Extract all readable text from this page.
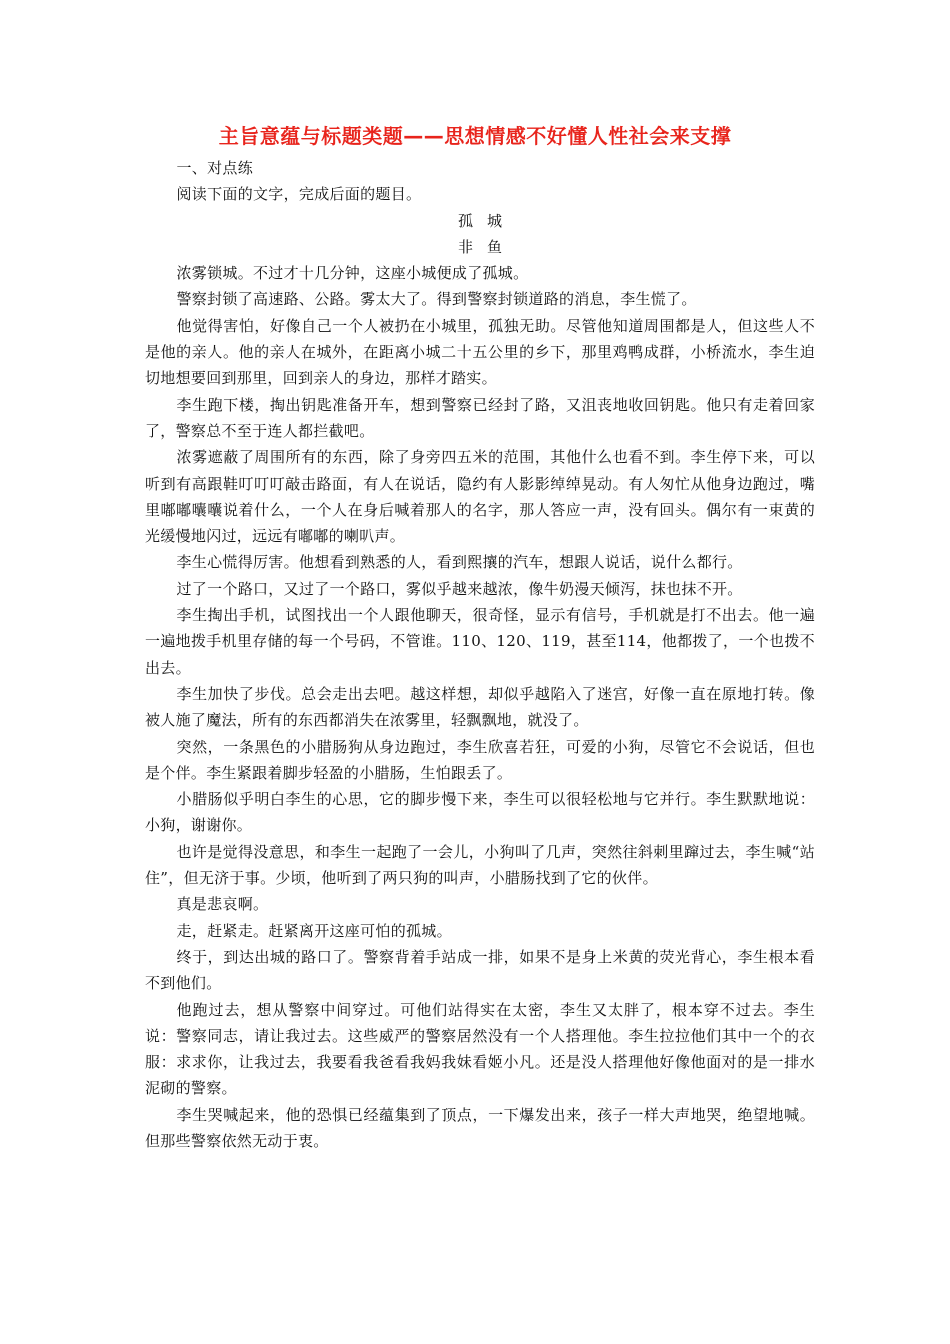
主旨意蕴与标题类题——思想情感不好懂人性社会来支撑

一、对点练

阅读下面的文字，完成后面的题目。

孤城

非鱼

浓雾锁城。不过才十几分钟，这座小城便成了孤城。

警察封锁了高速路、公路。雾太大了。得到警察封锁道路的消息，李生慌了。

他觉得害怕，好像自己一个人被扔在小城里，孤独无助。尽管他知道周围都是人，但这些人不是他的亲人。他的亲人在城外，在距离小城二十五公里的乡下，那里鸡鸭成群，小桥流水，李生迫切地想要回到那里，回到亲人的身边，那样才踏实。

李生跑下楼，掏出钥匙准备开车，想到警察已经封了路，又沮丧地收回钥匙。他只有走着回家了，警察总不至于连人都拦截吧。

浓雾遮蔽了周围所有的东西，除了身旁四五米的范围，其他什么也看不到。李生停下来，可以听到有高跟鞋叮叮叮敲击路面，有人在说话，隐约有人影影绰绰晃动。有人匆忙从他身边跑过，嘴里嘟嘟囔囔说着什么，一个人在身后喊着那人的名字，那人答应一声，没有回头。偶尔有一束黄的光缓慢地闪过，远远有嘟嘟的喇叭声。

李生心慌得厉害。他想看到熟悉的人，看到熙攘的汽车，想跟人说话，说什么都行。

过了一个路口，又过了一个路口，雾似乎越来越浓，像牛奶漫天倾泻，抹也抹不开。

李生掏出手机，试图找出一个人跟他聊天，很奇怪，显示有信号，手机就是打不出去。他一遍一遍地拨手机里存储的每一个号码，不管谁。110、120、119，甚至114，他都拨了，一个也拨不出去。

李生加快了步伐。总会走出去吧。越这样想，却似乎越陷入了迷宫，好像一直在原地打转。像被人施了魔法，所有的东西都消失在浓雾里，轻飘飘地，就没了。

突然，一条黑色的小腊肠狗从身边跑过，李生欣喜若狂，可爱的小狗，尽管它不会说话，但也是个伴。李生紧跟着脚步轻盈的小腊肠，生怕跟丢了。

小腊肠似乎明白李生的心思，它的脚步慢下来，李生可以很轻松地与它并行。李生默默地说：小狗，谢谢你。

也许是觉得没意思，和李生一起跑了一会儿，小狗叫了几声，突然往斜刺里蹿过去，李生喊“站住”，但无济于事。少顷，他听到了两只狗的叫声，小腊肠找到了它的伙伴。

真是悲哀啊。

走，赶紧走。赶紧离开这座可怕的孤城。

终于，到达出城的路口了。警察背着手站成一排，如果不是身上米黄的荧光背心，李生根本看不到他们。

他跑过去，想从警察中间穿过。可他们站得实在太密，李生又太胖了，根本穿不过去。李生说：警察同志，请让我过去。这些威严的警察居然没有一个人搭理他。李生拉拉他们其中一个的衣服：求求你，让我过去，我要看我爸看我妈我妹看姬小凡。还是没人搭理他好像他面对的是一排水泥砌的警察。

李生哭喊起来，他的恐惧已经蕴集到了顶点，一下爆发出来，孩子一样大声地哭，绝望地喊。但那些警察依然无动于衷。
